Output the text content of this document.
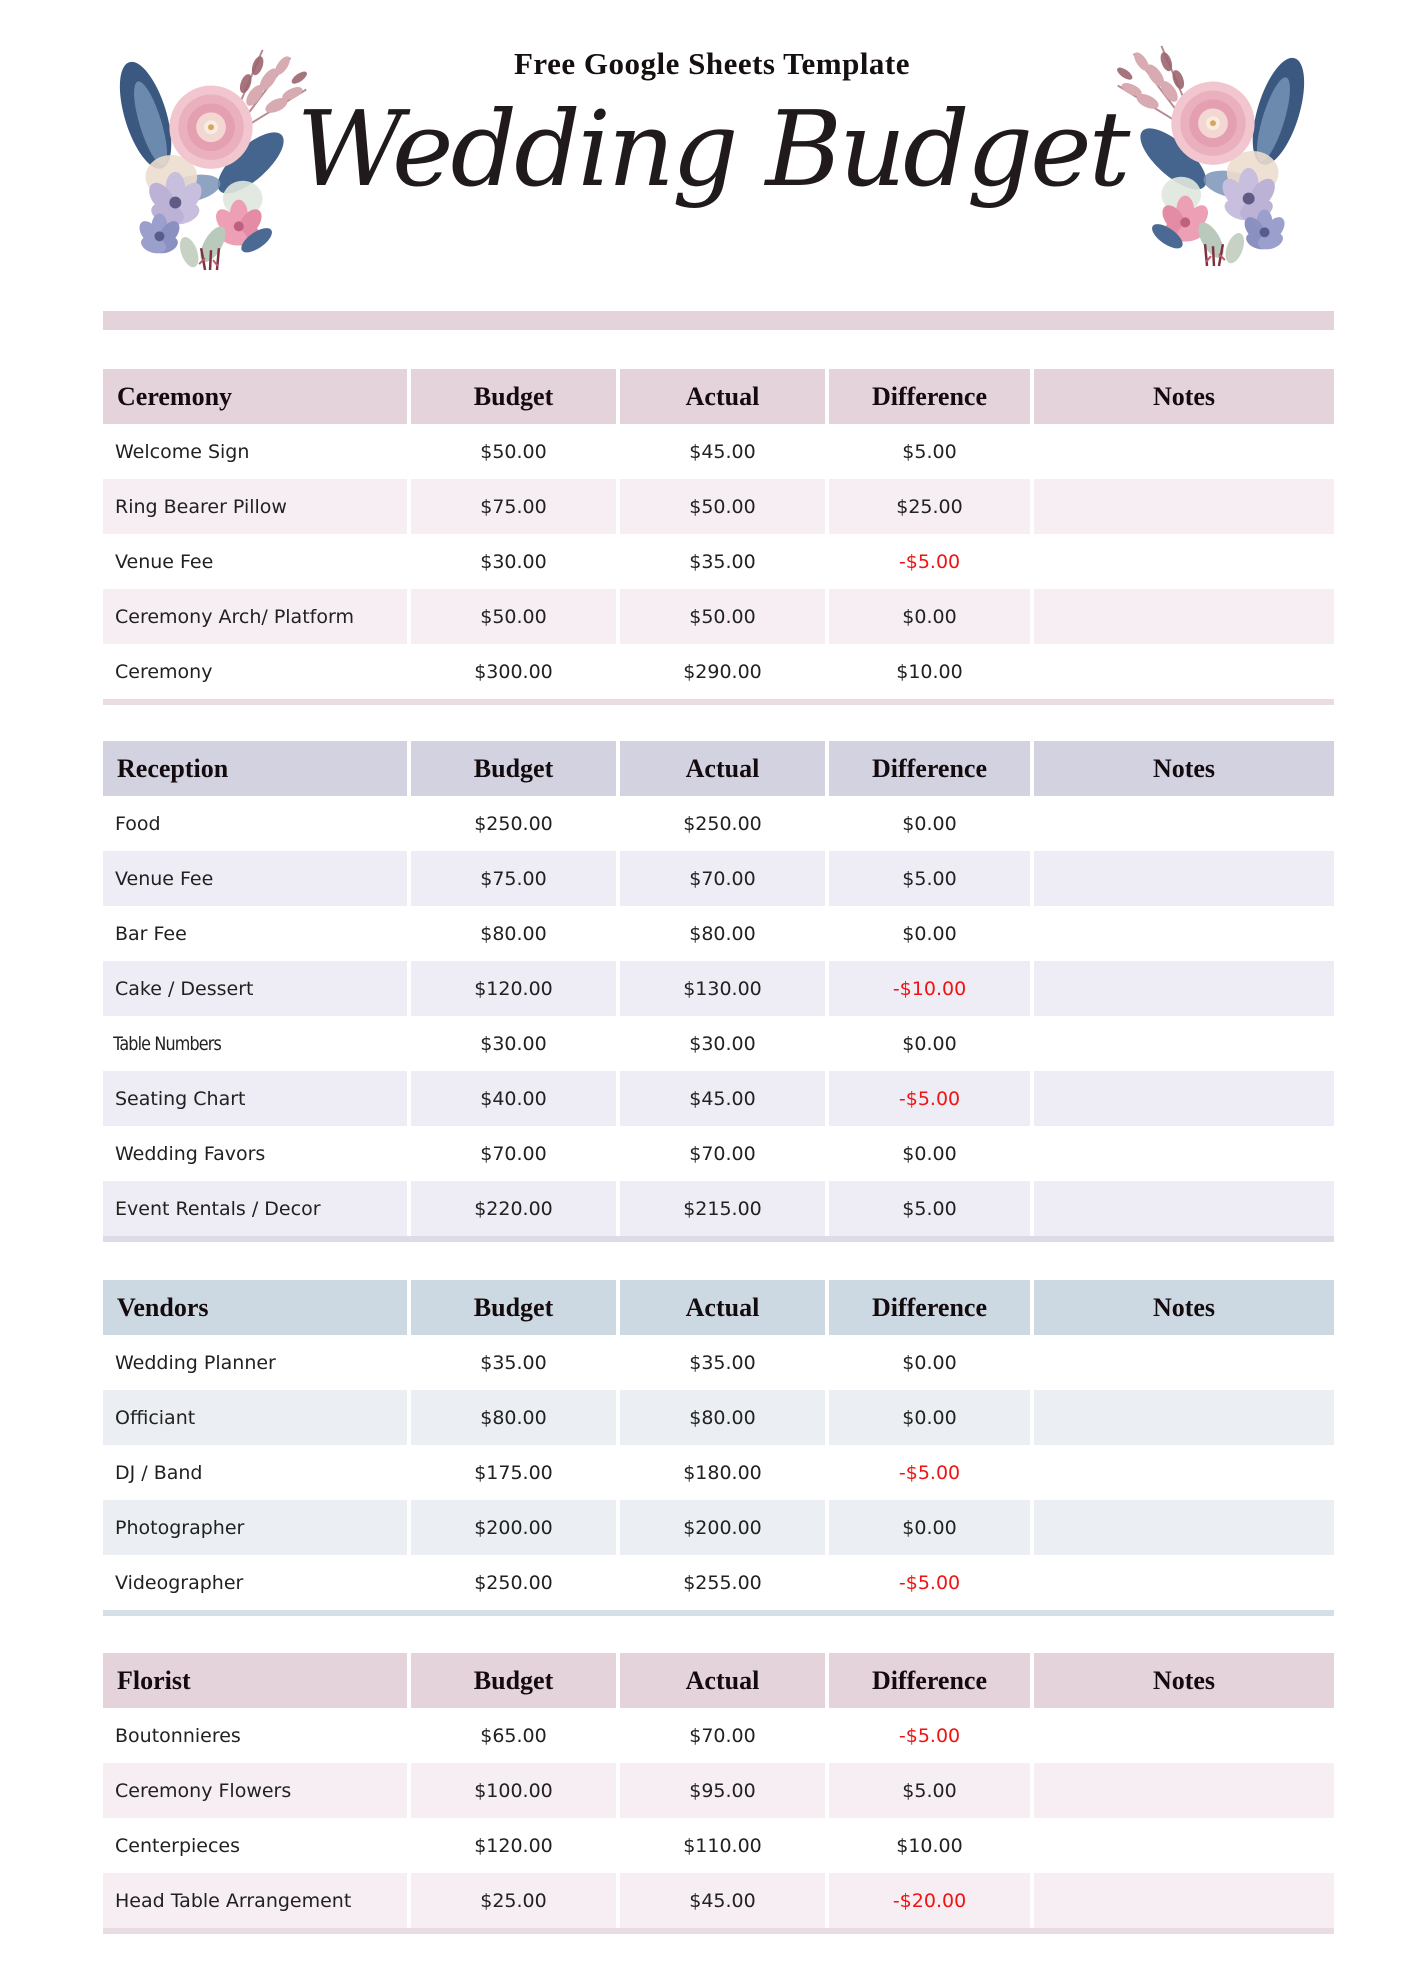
Free Google Sheets Template
Wedding Budget
Ceremony	Budget	Actual	Difference	Notes
Welcome Sign	$50.00	$45.00	$5.00
Ring Bearer Pillow	$75.00	$50.00	$25.00
Venue Fee	$30.00	$35.00	-$5.00
Ceremony Arch/ Platform	$50.00	$50.00	$0.00
Ceremony	$300.00	$290.00	$10.00
Reception	Budget	Actual	Difference	Notes
Food	$250.00	$250.00	$0.00
Venue Fee	$75.00	$70.00	$5.00
Bar Fee	$80.00	$80.00	$0.00
Cake / Dessert	$120.00	$130.00	-$10.00
Table Numbers	$30.00	$30.00	$0.00
Seating Chart	$40.00	$45.00	-$5.00
Wedding Favors	$70.00	$70.00	$0.00
Event Rentals / Decor	$220.00	$215.00	$5.00
Vendors	Budget	Actual	Difference	Notes
Wedding Planner	$35.00	$35.00	$0.00
Officiant	$80.00	$80.00	$0.00
DJ / Band	$175.00	$180.00	-$5.00
Photographer	$200.00	$200.00	$0.00
Videographer	$250.00	$255.00	-$5.00
Florist	Budget	Actual	Difference	Notes
Boutonnieres	$65.00	$70.00	-$5.00
Ceremony Flowers	$100.00	$95.00	$5.00
Centerpieces	$120.00	$110.00	$10.00
Head Table Arrangement	$25.00	$45.00	-$20.00
